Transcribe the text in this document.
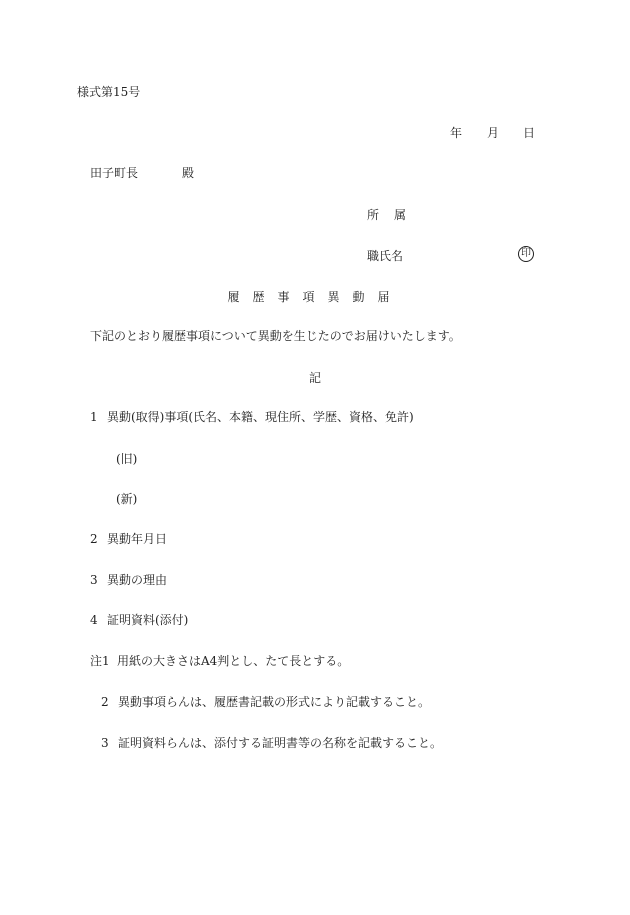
様式第15号
年 月 日
田子町長	殿
所 属
職氏名	印
履歴事項異動届
下記のとおり履歴事項について異動を生じたのでお届けいたします。
記
1 異動(取得)事項(氏名、本籍、現住所、学歴、資格、免許)
(旧)
(新)
2 異動年月日
3 異動の理由
4 証明資料(添付)
注1 用紙の大きさはA4判とし、たて長とする。
2 異動事項らんは、履歴書記載の形式により記載すること。
3 証明資料らんは、添付する証明書等の名称を記載すること。
